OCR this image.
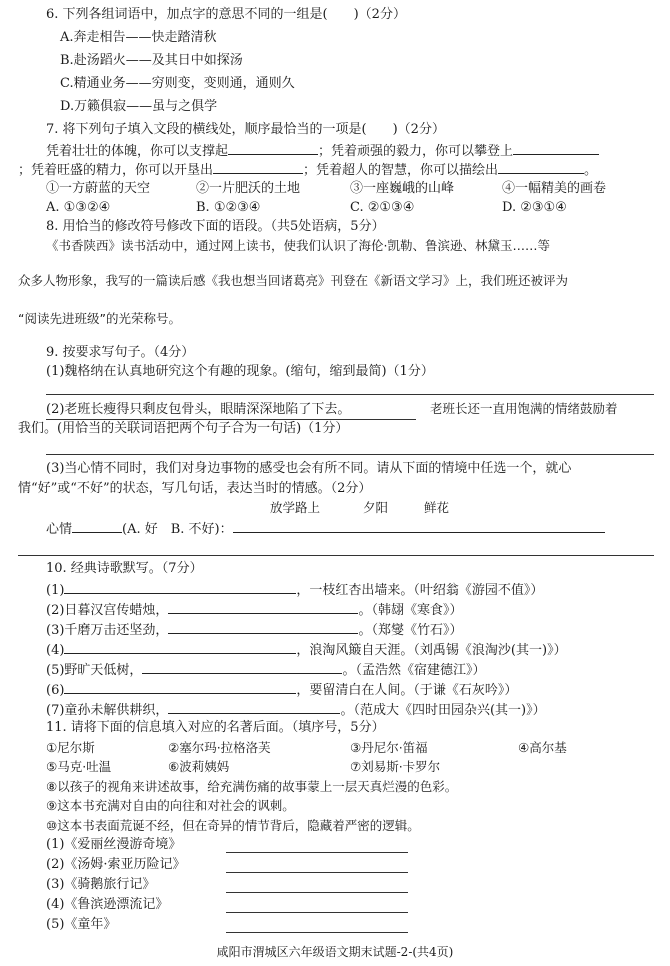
6. 下列各组词语中，加点字的意思不同的一组是(　　)（2分）
A.奔走相告——快走踏清秋
B.赴汤蹈火——及其日中如探汤
C.精通业务——穷则变，变则通，通则久
D.万籁俱寂——虽与之俱学
7. 将下列句子填入文段的横线处，顺序最恰当的一项是(　　)（2分）
凭着壮壮的体魄，你可以支撑起	；凭着顽强的毅力，你可以攀登上
；凭着旺盛的精力，你可以开垦出	；凭着超人的智慧，你可以描绘出	。
①一方蔚蓝的天空	②一片肥沃的土地	③一座巍峨的山峰	④一幅精美的画卷
A. ①③②④	B. ①②③④	C. ②①③④	D. ②③①④
8. 用恰当的修改符号修改下面的语段。（共5处语病，5分）
《书香陕西》读书活动中，通过网上读书，使我们认识了海伦·凯勒、鲁滨逊、林黛玉……等
众多人物形象，我写的一篇读后感《我也想当回诸葛亮》刊登在《新语文学习》上，我们班还被评为
“阅读先进班级”的光荣称号。
9. 按要求写句子。（4分）
(1)魏格纳在认真地研究这个有趣的现象。(缩句，缩到最简)（1分）
(2)老班长瘦得只剩皮包骨头，眼睛深深地陷了下去。	老班长还一直用饱满的情绪鼓励着
我们。(用恰当的关联词语把两个句子合为一句话)（1分）
(3)当心情不同时，我们对身边事物的感受也会有所不同。请从下面的情境中任选一个，就心
情“好”或“不好”的状态，写几句话，表达当时的情感。（2分）
放学路上	夕阳	鲜花
心情	(A. 好　B. 不好)：
10. 经典诗歌默写。（7分）
(1)	，一枝红杏出墙来。（叶绍翁《游园不值》）
(2)日暮汉宫传蜡烛，	。（韩翃《寒食》）
(3)千磨万击还坚劲，	。（郑燮《竹石》）
(4)	，浪淘风簸自天涯。（刘禹锡《浪淘沙(其一)》）
(5)野旷天低树，	。（孟浩然《宿建德江》）
(6)	，要留清白在人间。（于谦《石灰吟》）
(7)童孙未解供耕织，	。（范成大《四时田园杂兴(其一)》）
11. 请将下面的信息填入对应的名著后面。（填序号，5分）
①尼尔斯	②塞尔玛·拉格洛芙	③丹尼尔·笛福	④高尔基
⑤马克·吐温	⑥波莉姨妈	⑦刘易斯·卡罗尔
⑧以孩子的视角来讲述故事，给充满伤痛的故事蒙上一层天真烂漫的色彩。
⑨这本书充满对自由的向往和对社会的讽刺。
⑩这本书表面荒诞不经，但在奇异的情节背后，隐藏着严密的逻辑。
(1)《爱丽丝漫游奇境》
(2)《汤姆·索亚历险记》
(3)《骑鹅旅行记》
(4)《鲁滨逊漂流记》
(5)《童年》
咸阳市渭城区六年级语文期末试题-2-(共4页)
